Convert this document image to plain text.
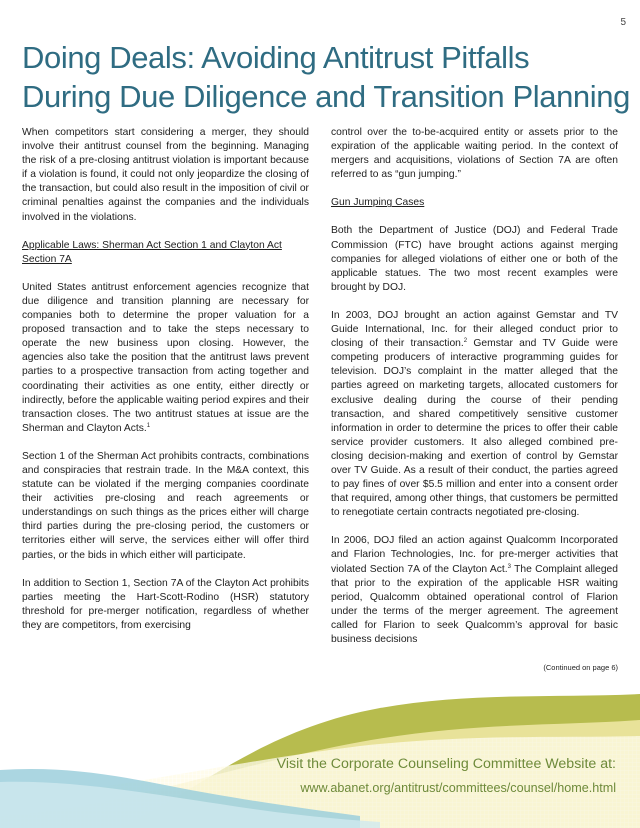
5
Doing Deals: Avoiding Antitrust Pitfalls
During Due Diligence and Transition Planning

When competitors start considering a merger, they should involve their antitrust counsel from the beginning. Managing the risk of a pre-closing antitrust violation is important because if a violation is found, it could not only jeopardize the closing of the transaction, but could also result in the imposition of civil or criminal penalties against the companies and the individuals involved in the violations.

Applicable Laws: Sherman Act Section 1 and Clayton Act Section 7A

United States antitrust enforcement agencies recognize that due diligence and transition planning are necessary for companies both to determine the proper valuation for a proposed transaction and to take the steps necessary to operate the new business upon closing. However, the agencies also take the position that the antitrust laws prevent parties to a prospective transaction from acting together and coordinating their activities as one entity, either directly or indirectly, before the applicable waiting period expires and their transaction closes. The two antitrust statues at issue are the Sherman and Clayton Acts.$^1$

Section 1 of the Sherman Act prohibits contracts, combinations and conspiracies that restrain trade. In the M&A context, this statute can be violated if the merging companies coordinate their activities pre-closing and reach agreements or understandings on such things as the prices either will charge third parties during the pre-closing period, the customers or territories either will serve, the services either will offer third parties, or the bids in which either will participate.

In addition to Section 1, Section 7A of the Clayton Act prohibits parties meeting the Hart-Scott-Rodino (HSR) statutory threshold for pre-merger notification, regardless of whether they are competitors, from exercising

control over the to-be-acquired entity or assets prior to the expiration of the applicable waiting period. In the context of mergers and acquisitions, violations of Section 7A are often referred to as “gun jumping.”

Gun Jumping Cases

Both the Department of Justice (DOJ) and Federal Trade Commission (FTC) have brought actions against merging companies for alleged violations of either one or both of the applicable statues. The two most recent examples were brought by DOJ.

In 2003, DOJ brought an action against Gemstar and TV Guide International, Inc. for their alleged conduct prior to closing of their transaction.$^2$ Gemstar and TV Guide were competing producers of interactive programming guides for television. DOJ’s complaint in the matter alleged that the parties agreed on marketing targets, allocated customers for exclusive dealing during the course of their pending transaction, and shared competitively sensitive customer information in order to determine the prices to offer their cable service provider customers. It also alleged combined pre-closing decision-making and exertion of control by Gemstar over TV Guide. As a result of their conduct, the parties agreed to pay fines of over $5.5 million and enter into a consent order that required, among other things, that customers be permitted to renegotiate certain contracts negotiated pre-closing.

In 2006, DOJ filed an action against Qualcomm Incorporated and Flarion Technologies, Inc. for pre-merger activities that violated Section 7A of the Clayton Act.$^3$ The Complaint alleged that prior to the expiration of the applicable HSR waiting period, Qualcomm obtained operational control of Flarion under the terms of the merger agreement. The agreement called for Flarion to seek Qualcomm’s approval for basic business decisions

(Continued on page 6)

Visit the Corporate Counseling Committee Website at:
www.abanet.org/antitrust/committees/counsel/home.html
